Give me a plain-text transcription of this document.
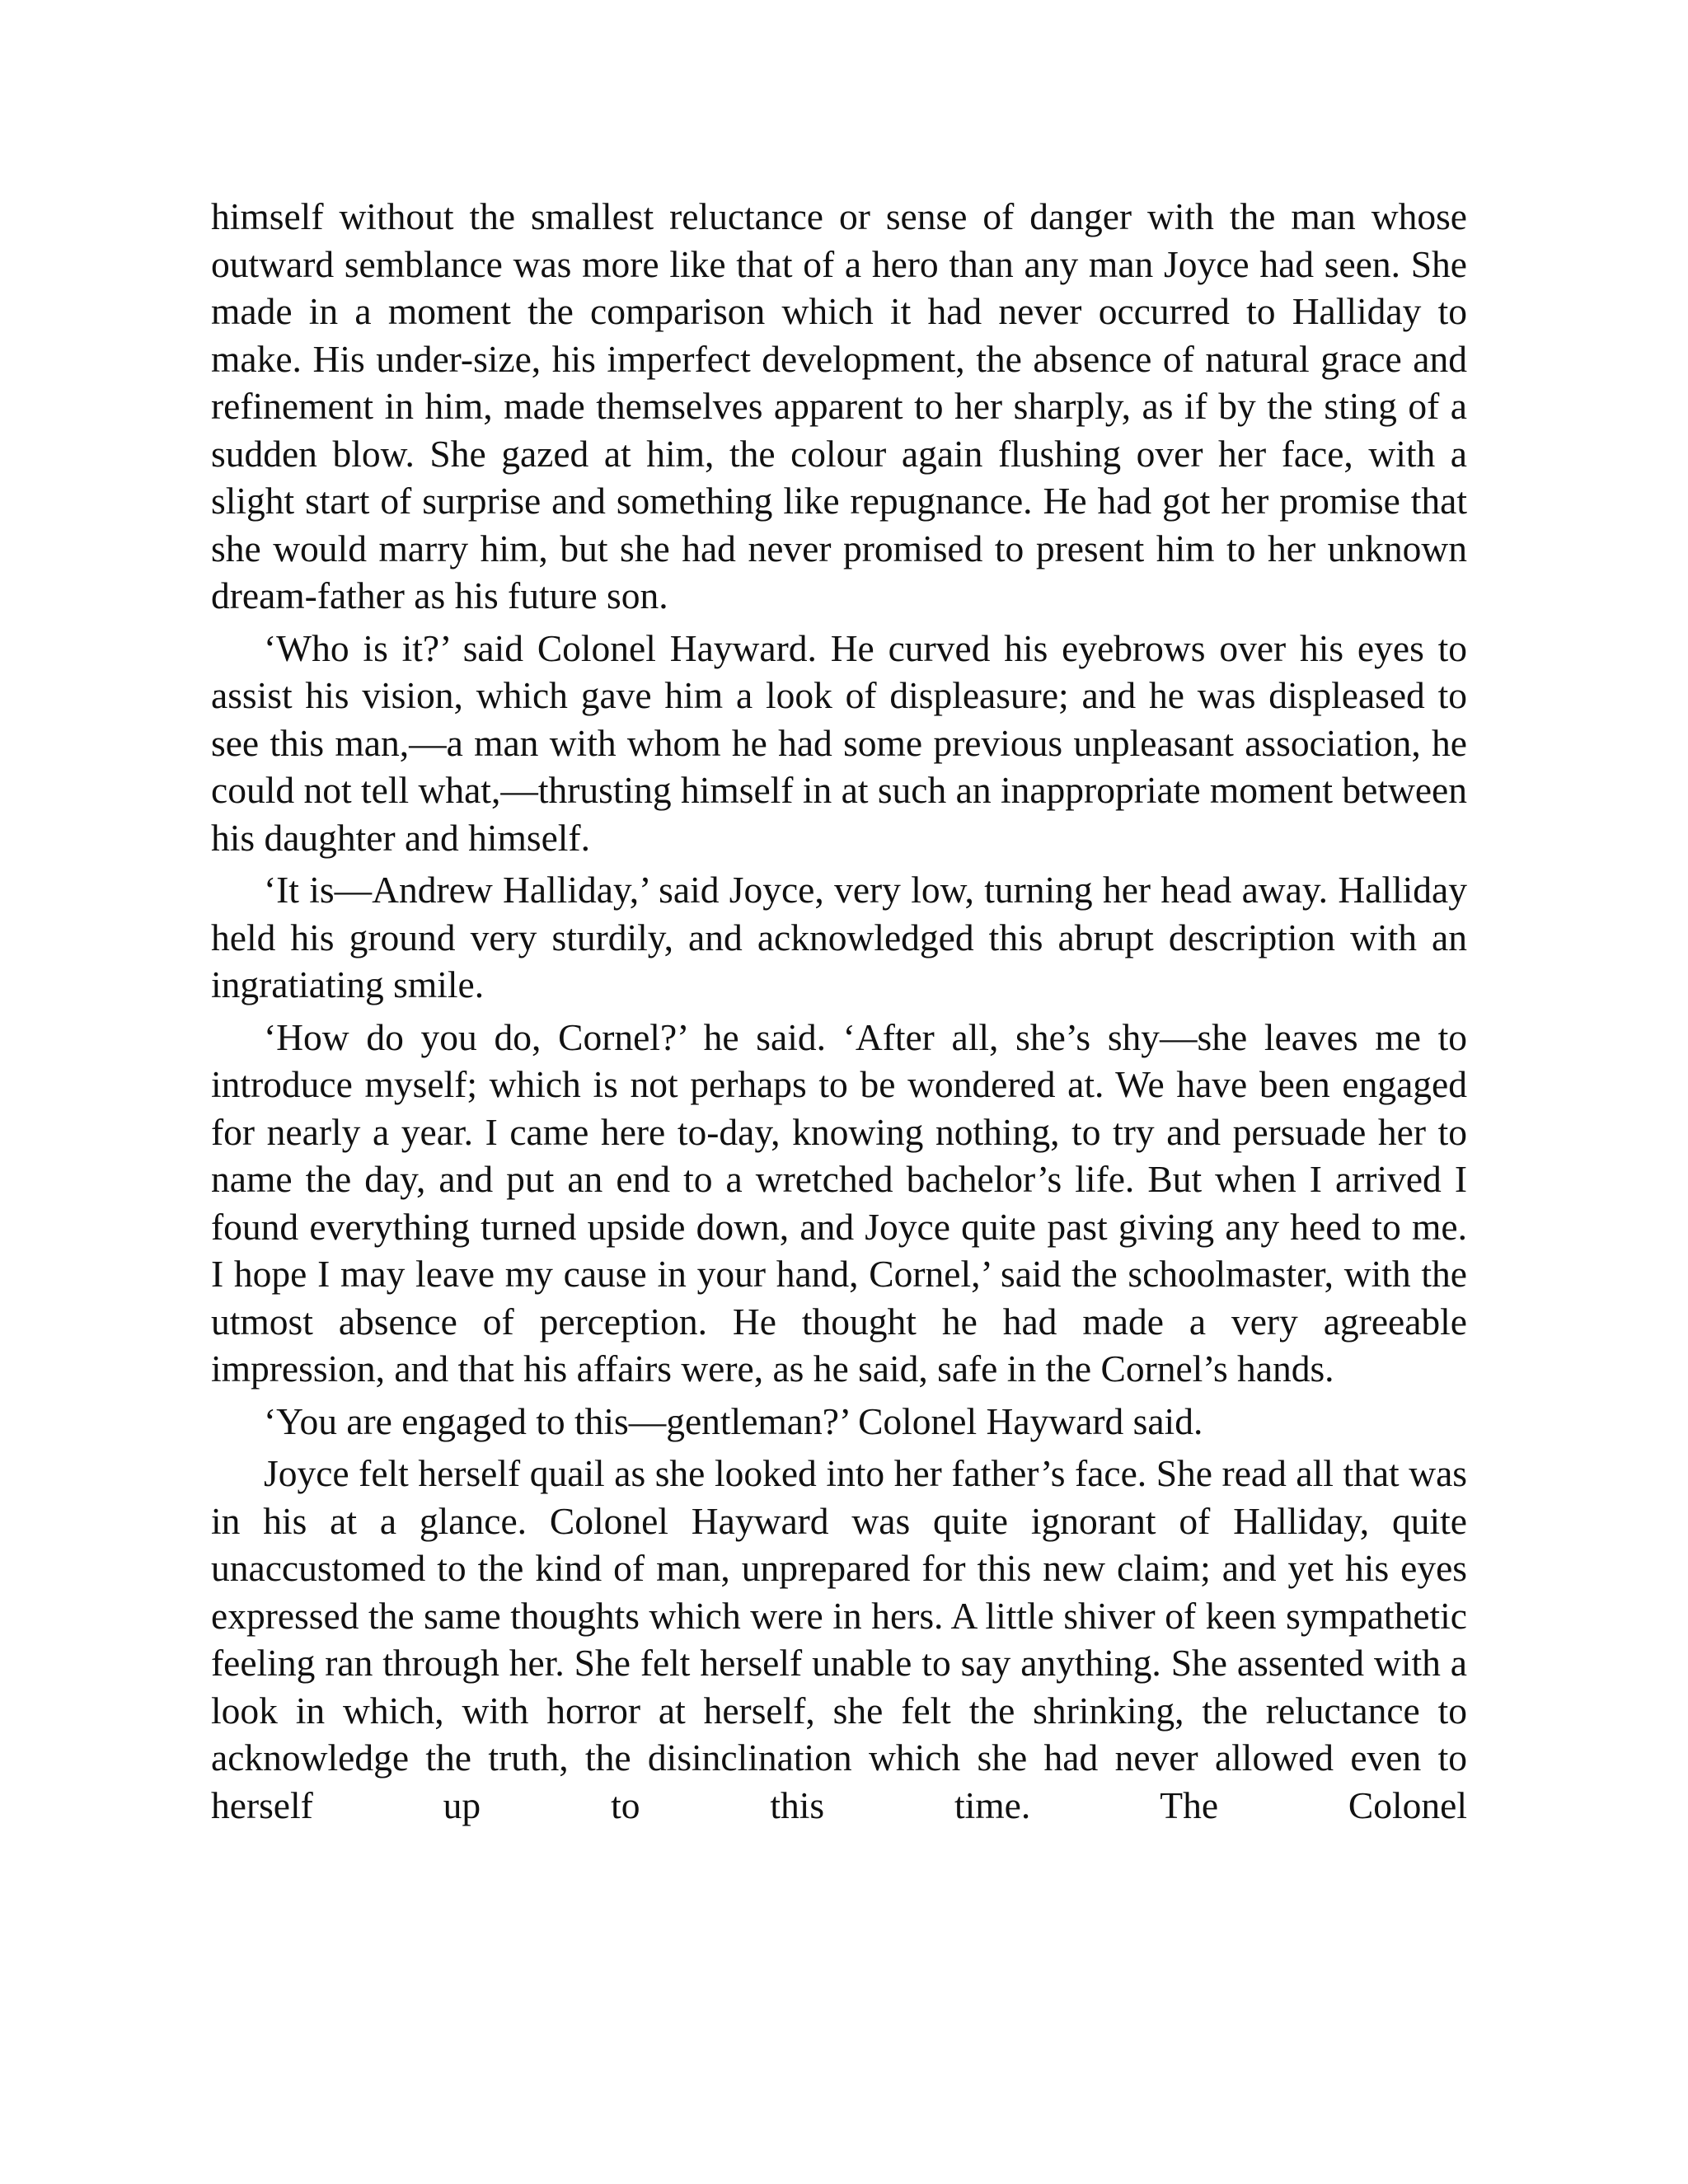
himself without the smallest reluctance or sense of danger with the man whose outward semblance was more like that of a hero than any man Joyce had seen. She made in a moment the comparison which it had never occurred to Halliday to make. His under-size, his imperfect development, the absence of natural grace and refinement in him, made themselves apparent to her sharply, as if by the sting of a sudden blow. She gazed at him, the colour again flushing over her face, with a slight start of surprise and something like repugnance. He had got her promise that she would marry him, but she had never promised to present him to her unknown dream-father as his future son.

‘Who is it?’ said Colonel Hayward. He curved his eyebrows over his eyes to assist his vision, which gave him a look of displeasure; and he was displeased to see this man,—a man with whom he had some previous unpleasant association, he could not tell what,—thrusting himself in at such an inappropriate moment between his daughter and himself.

‘It is—Andrew Halliday,’ said Joyce, very low, turning her head away. Halliday held his ground very sturdily, and acknowledged this abrupt description with an ingratiating smile.

‘How do you do, Cornel?’ he said. ‘After all, she’s shy—she leaves me to introduce myself; which is not perhaps to be wondered at. We have been engaged for nearly a year. I came here to-day, knowing nothing, to try and persuade her to name the day, and put an end to a wretched bachelor’s life. But when I arrived I found everything turned upside down, and Joyce quite past giving any heed to me. I hope I may leave my cause in your hand, Cornel,’ said the schoolmaster, with the utmost absence of perception. He thought he had made a very agreeable impression, and that his affairs were, as he said, safe in the Cornel’s hands.

‘You are engaged to this—gentleman?’ Colonel Hayward said.

Joyce felt herself quail as she looked into her father’s face. She read all that was in his at a glance. Colonel Hayward was quite ignorant of Halliday, quite unaccustomed to the kind of man, unprepared for this new claim; and yet his eyes expressed the same thoughts which were in hers. A little shiver of keen sympathetic feeling ran through her. She felt herself unable to say anything. She assented with a look in which, with horror at herself, she felt the shrinking, the reluctance to acknowledge the truth, the disinclination which she had never allowed even to herself up to this time. The Colonel
